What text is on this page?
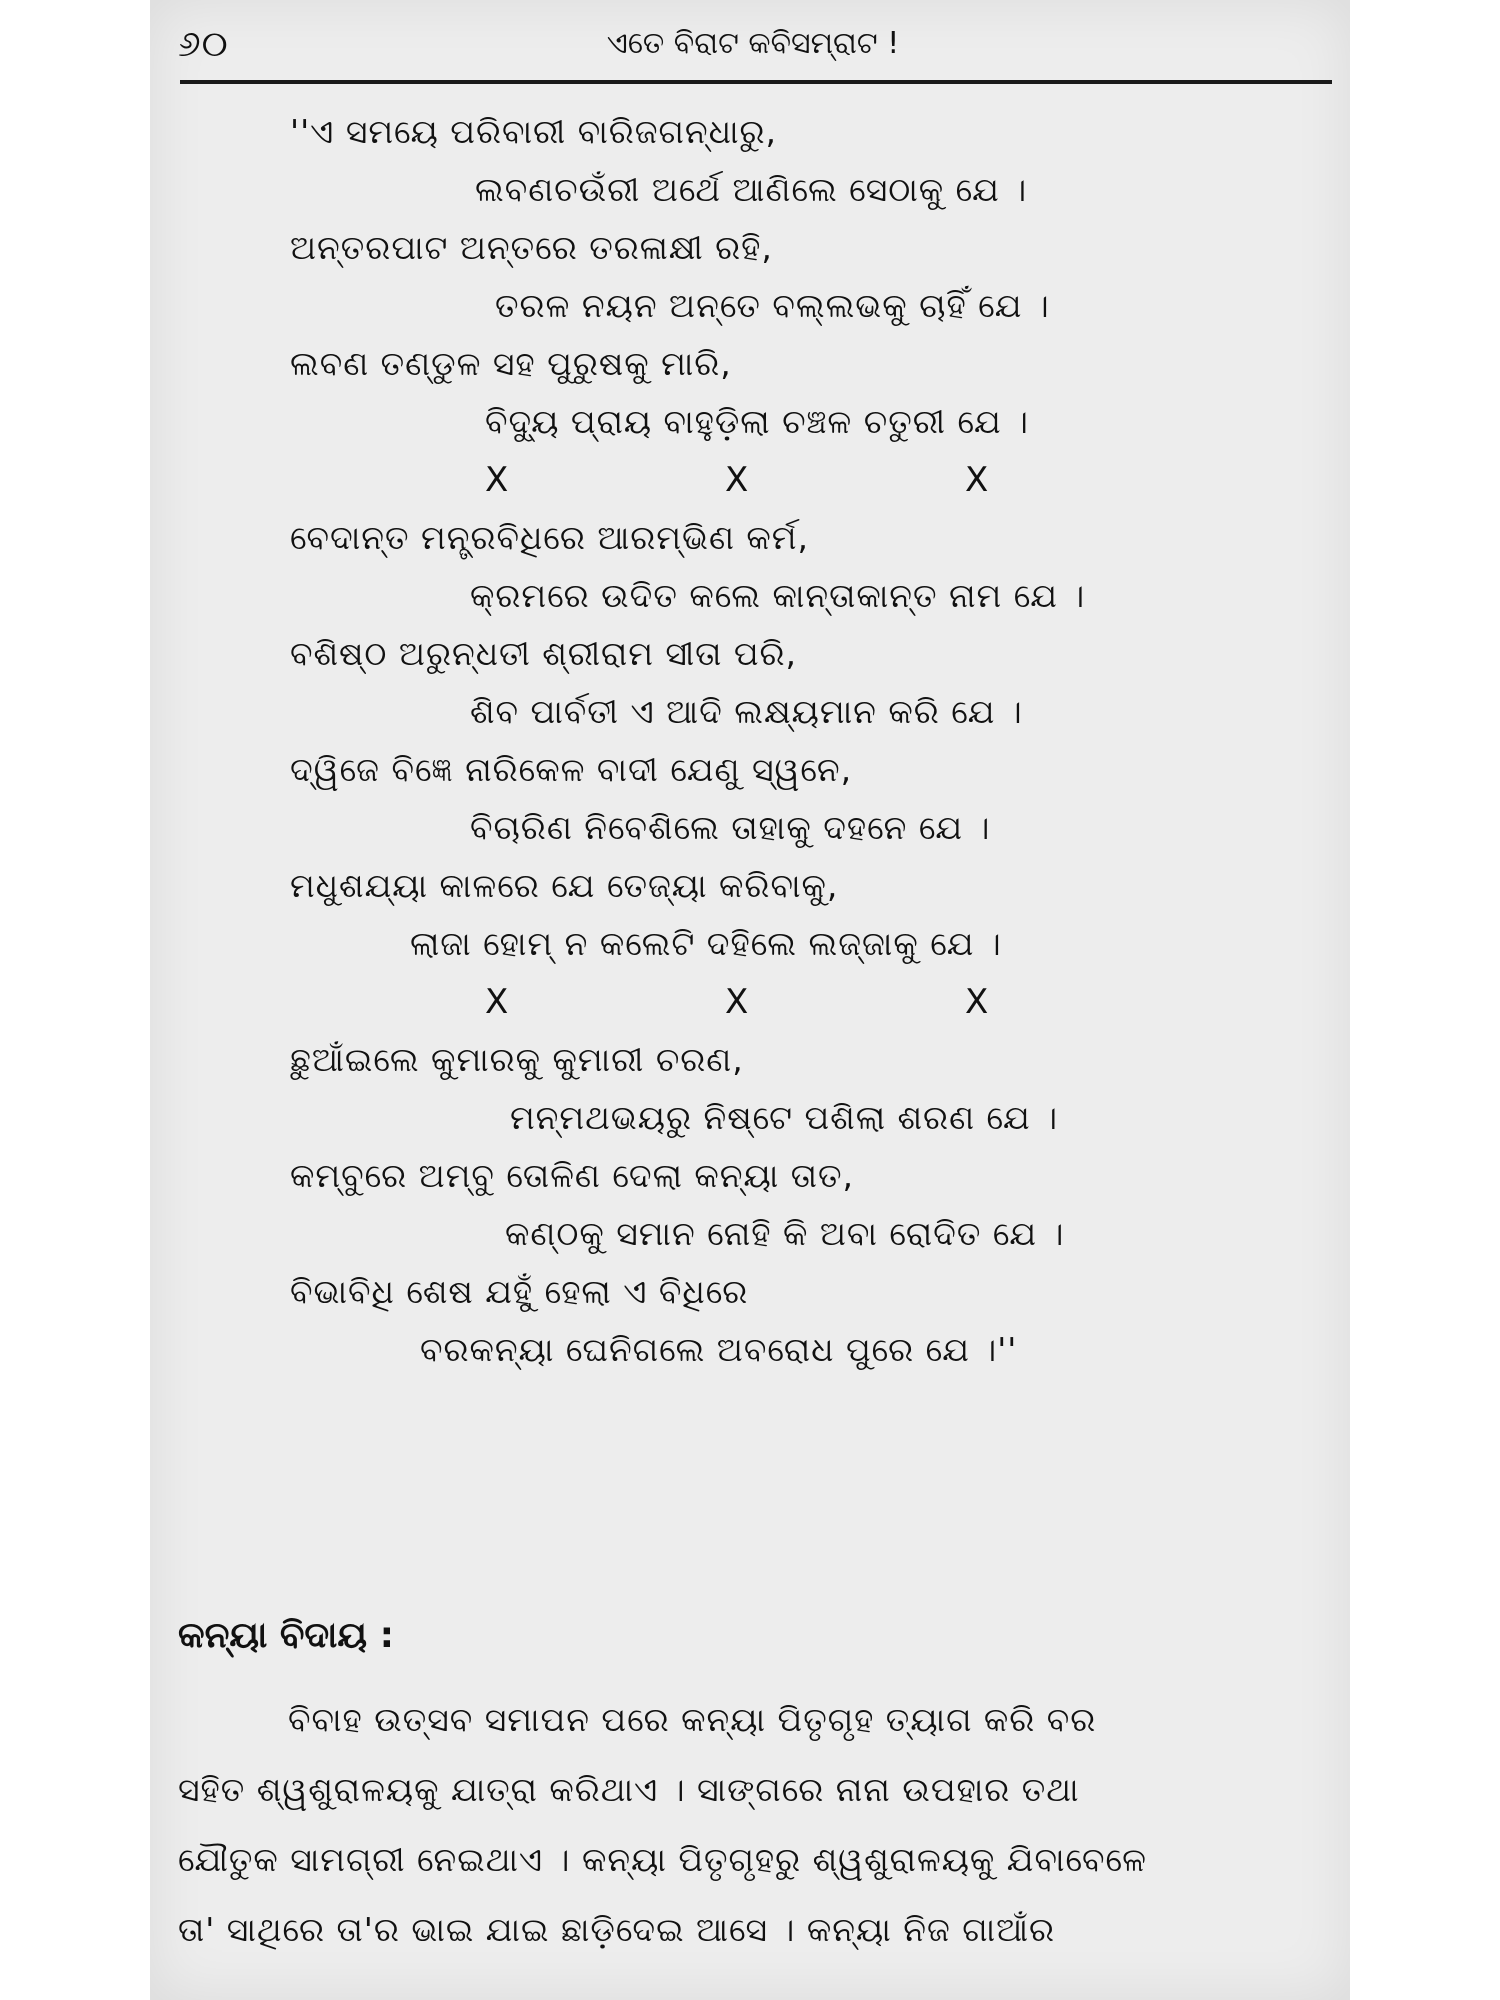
୬୦	ଏତେ ବିରାଟ କବିସମ୍ରାଟ !
''ଏ ସମୟେ ପରିବାରୀ ବାରିଜଗନ୍ଧାରୁ,
ଲବଣଚଉଁରୀ ଅର୍ଥେ ଆଣିଲେ ସେଠାକୁ ଯେ ।
ଅନ୍ତରପାଟ ଅନ୍ତରେ ତରଳାକ୍ଷୀ ରହି,
ତରଳ ନୟନ ଅନ୍ତେ ବଲ୍ଲଭକୁ ଚାହିଁ ଯେ ।
ଲବଣ ତଣ୍ଡୁଳ ସହ ପୁରୁଷକୁ ମାରି,
ବିଦ୍ୟୁ ପ୍ରାୟ ବାହୁଡ଼ିଲା ଚଞ୍ଚଳ ଚତୁରୀ ଯେ ।
X	X	X
ବେଦାନ୍ତ ମନ୍ତ୍ରବିଧିରେ ଆରମ୍ଭିଣ କର୍ମ,
କ୍ରମରେ ଉଦିତ କଲେ କାନ୍ତାକାନ୍ତ ନାମ ଯେ ।
ବଶିଷ୍ଠ ଅରୁନ୍ଧତୀ ଶ୍ରୀରାମ ସୀତା ପରି,
ଶିବ ପାର୍ବତୀ ଏ ଆଦି ଲକ୍ଷ୍ୟମାନ କରି ଯେ ।
ଦ୍ୱିଜେ ବିଜ୍ଞେ ନାରିକେଳ ବାଦୀ ଯେଣୁ ସ୍ୱନେ,
ବିଚାରିଣ ନିବେଶିଲେ ତାହାକୁ ଦହନେ ଯେ ।
ମଧୁଶଯ୍ୟା କାଳରେ ଯେ ତେଜ୍ୟା କରିବାକୁ,
ଲାଜା ହୋମ୍ ନ କଲେଟି ଦହିଲେ ଲଜ୍ଜାକୁ ଯେ ।
X	X	X
ଛୁଆଁଇଲେ କୁମାରକୁ କୁମାରୀ ଚରଣ,
ମନ୍ମଥଭୟରୁ ନିଷ୍ଟେ ପଶିଲା ଶରଣ ଯେ ।
କମ୍ବୁରେ ଅମ୍ବୁ ତୋଳିଣ ଦେଲା କନ୍ୟା ତାତ,
କଣ୍ଠକୁ ସମାନ ନୋହି କି ଅବା ରୋଦିତ ଯେ ।
ବିଭାବିଧି ଶେଷ ଯହୁଁ ହେଲା ଏ ବିଧିରେ
ବରକନ୍ୟା ଘେନିଗଲେ ଅବରୋଧ ପୁରେ ଯେ ।''
କନ୍ୟା ବିଦାୟ :
ବିବାହ ଉତ୍ସବ ସମାପନ ପରେ କନ୍ୟା ପିତୃଗୃହ ତ୍ୟାଗ କରି ବର
ସହିତ ଶ୍ୱଶୁରାଳୟକୁ ଯାତ୍ରା କରିଥାଏ । ସାଙ୍ଗରେ ନାନା ଉପହାର ତଥା
ଯୌତୁକ ସାମଗ୍ରୀ ନେଇଥାଏ । କନ୍ୟା ପିତୃଗୃହରୁ ଶ୍ୱଶୁରାଳୟକୁ ଯିବାବେଳେ
ତା' ସାଥିରେ ତା'ର ଭାଇ ଯାଇ ଛାଡ଼ିଦେଇ ଆସେ । କନ୍ୟା ନିଜ ଗାଆଁର
